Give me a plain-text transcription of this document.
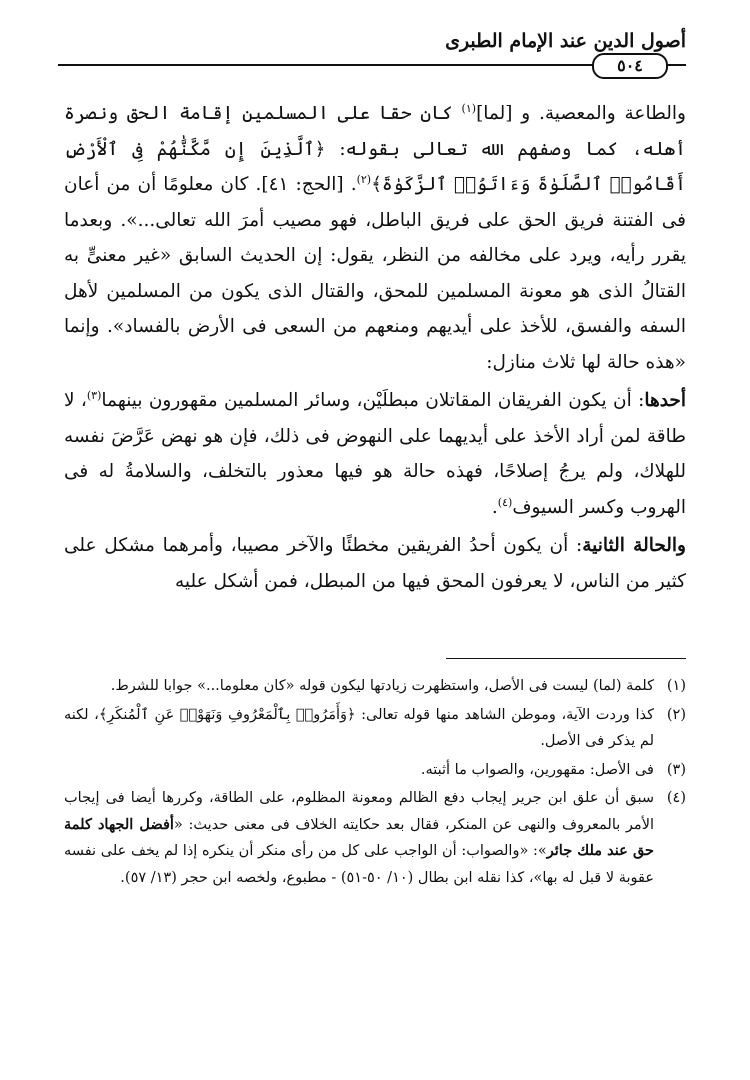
أصول الدين عند الإمام الطبرى
٥٠٤

والطاعة والمعصية. و [لما]$^{(١)}$ كان حقا على المسلمين إقامة الحق ونصرة أهله، كما وصفهم الله تعالى بقوله: ﴿ٱلَّذِينَ إِن مَّكَّنَّٰهُمْ فِى ٱلْأَرْضِ أَقَامُوا۟ ٱلصَّلَوٰةَ وَءَاتَوُا۟ ٱلزَّكَوٰةَ﴾$^{(٢)}$. [الحج: ٤١]. كان معلومًا أن من أعان فى الفتنة فريق الحق على فريق الباطل، فهو مصيب أمرَ الله تعالى...». وبعدما يقرر رأيه، ويرد على مخالفه من النظر، يقول: إن الحديث السابق «غير معنىٍّ به القتالُ الذى هو معونة المسلمين للمحق، والقتال الذى يكون من المسلمين لأهل السفه والفسق، للأخذ على أيديهم ومنعهم من السعى فى الأرض بالفساد». وإنما «هذه حالة لها ثلاث منازل:

أحدها: أن يكون الفريقان المقاتلان مبطلَيْن، وسائر المسلمين مقهورون بينهما$^{(٣)}$، لا طاقة لمن أراد الأخذ على أيديهما على النهوض فى ذلك، فإن هو نهض عَرَّضَ نفسه للهلاك، ولم يرجُ إصلاحًا، فهذه حالة هو فيها معذور بالتخلف، والسلامةُ له فى الهروب وكسر السيوف$^{(٤)}$.

والحالة الثانية: أن يكون أحدُ الفريقين مخطئًا والآخر مصيبا، وأمرهما مشكل على كثير من الناس، لا يعرفون المحق فيها من المبطل، فمن أشكل عليه

(١)
كلمة (لما) ليست فى الأصل، واستظهرت زيادتها ليكون قوله «كان معلوما...» جوابا للشرط.
(٢)
كذا وردت الآية، وموطن الشاهد منها قوله تعالى: ﴿وَأَمَرُوا۟ بِٱلْمَعْرُوفِ وَنَهَوْا۟ عَنِ ٱلْمُنكَرِ﴾، لكنه لم يذكر فى الأصل.
(٣)
فى الأصل: مقهورين، والصواب ما أثبته.
(٤)
سبق أن علق ابن جرير إيجاب دفع الظالم ومعونة المظلوم، على الطاقة، وكررها أيضا فى إيجاب الأمر بالمعروف والنهى عن المنكر، فقال بعد حكايته الخلاف فى معنى حديث: «أفضل الجهاد كلمة حق عند ملك جائر»: «والصواب: أن الواجب على كل من رأى منكر أن ينكره إذا لم يخف على نفسه عقوبة لا قبل له بها»، كذا نقله ابن بطال (١٠/ ٥٠-٥١) - مطبوع، ولخصه ابن حجر (١٣/ ٥٧).
